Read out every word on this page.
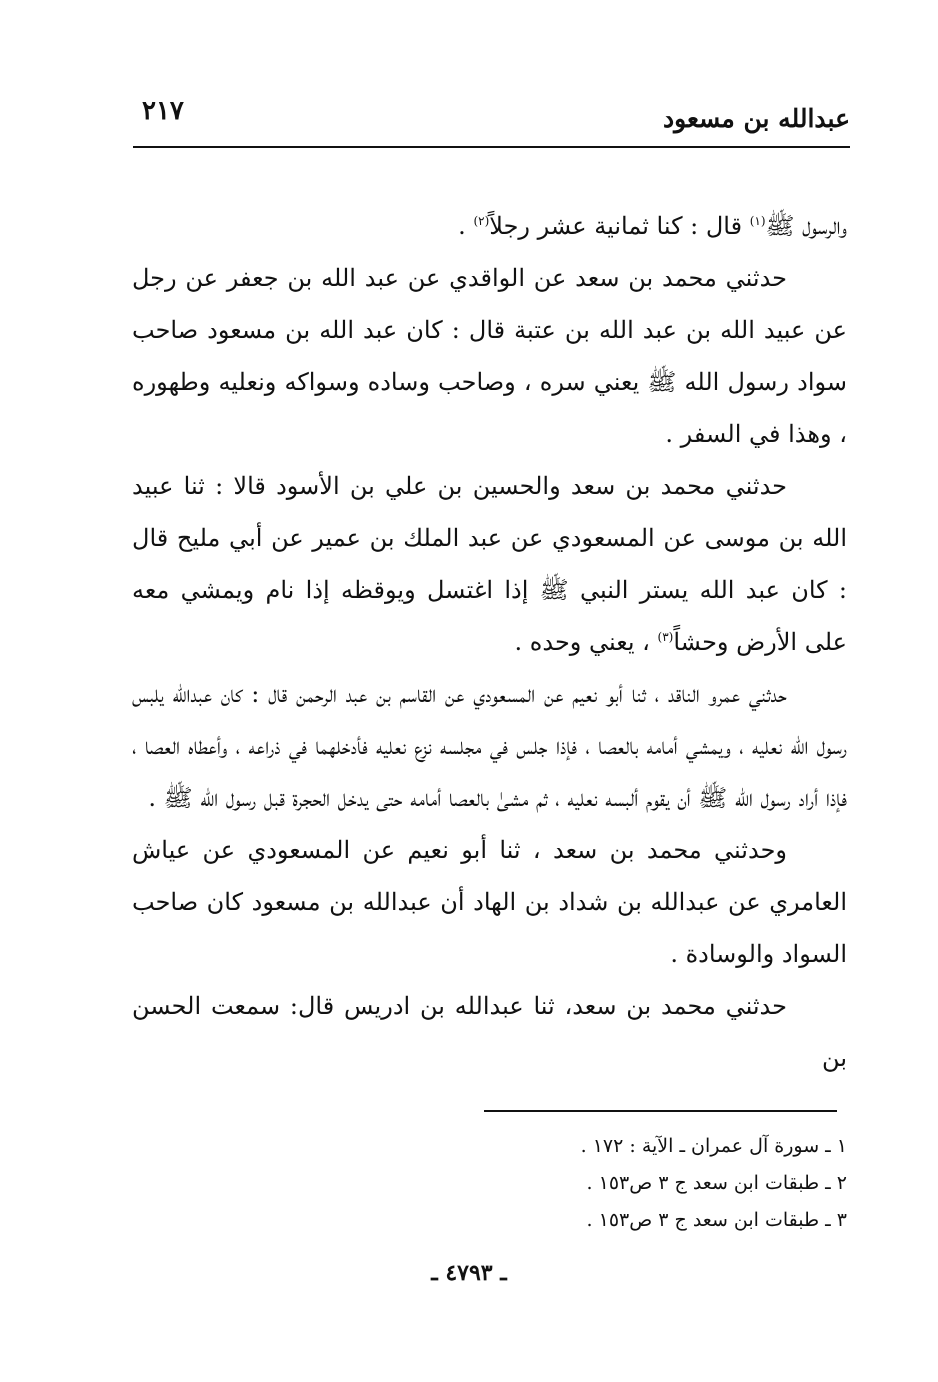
عبدالله بن مسعود
٢١٧

والرسول ﷺ$^{(١)}$ قال : كنا ثمانية عشر رجلاً$^{(٢)}$ .

حدثني محمد بن سعد عن الواقدي عن عبد الله بن جعفر عن رجل عن عبيد الله بن عبد الله بن عتبة قال : كان عبد الله بن مسعود صاحب سواد رسول الله ﷺ يعني سره ، وصاحب وساده وسواكه ونعليه وطهوره ، وهذا في السفر .

حدثني محمد بن سعد والحسين بن علي بن الأسود قالا : ثنا عبيد الله بن موسى عن المسعودي عن عبد الملك بن عمير عن أبي مليح قال : كان عبد الله يستر النبي ﷺ إذا اغتسل ويوقظه إذا نام ويمشي معه على الأرض وحشاً$^{(٣)}$ ، يعني وحده .

حدثني عمرو الناقد ، ثنا أبو نعيم عن المسعودي عن القاسم بن عبد الرحمن قال : كان عبدالله يلبس رسول الله نعليه ، ويمشي أمامه بالعصا ، فإذا جلس في مجلسه نزع نعليه فأدخلهما في ذراعه ، وأعطاه العصا ، فإذا أراد رسول الله ﷺ أن يقوم ألبسه نعليه ، ثم مشىٰ بالعصا أمامه حتى يدخل الحجرة قبل رسول الله ﷺ .

وحدثني محمد بن سعد ، ثنا أبو نعيم عن المسعودي عن عياش العامري عن عبدالله بن شداد بن الهاد أن عبدالله بن مسعود كان صاحب السواد والوسادة .

حدثني محمد بن سعد، ثنا عبدالله بن ادريس قال: سمعت الحسن بن

١ ـ سورة آل عمران ـ الآية : ١٧٢ .
٢ ـ طبقات ابن سعد ج ٣ ص١٥٣ .
٣ ـ طبقات ابن سعد ج ٣ ص١٥٣ .
ـ ٤٧٩٣ ـ
